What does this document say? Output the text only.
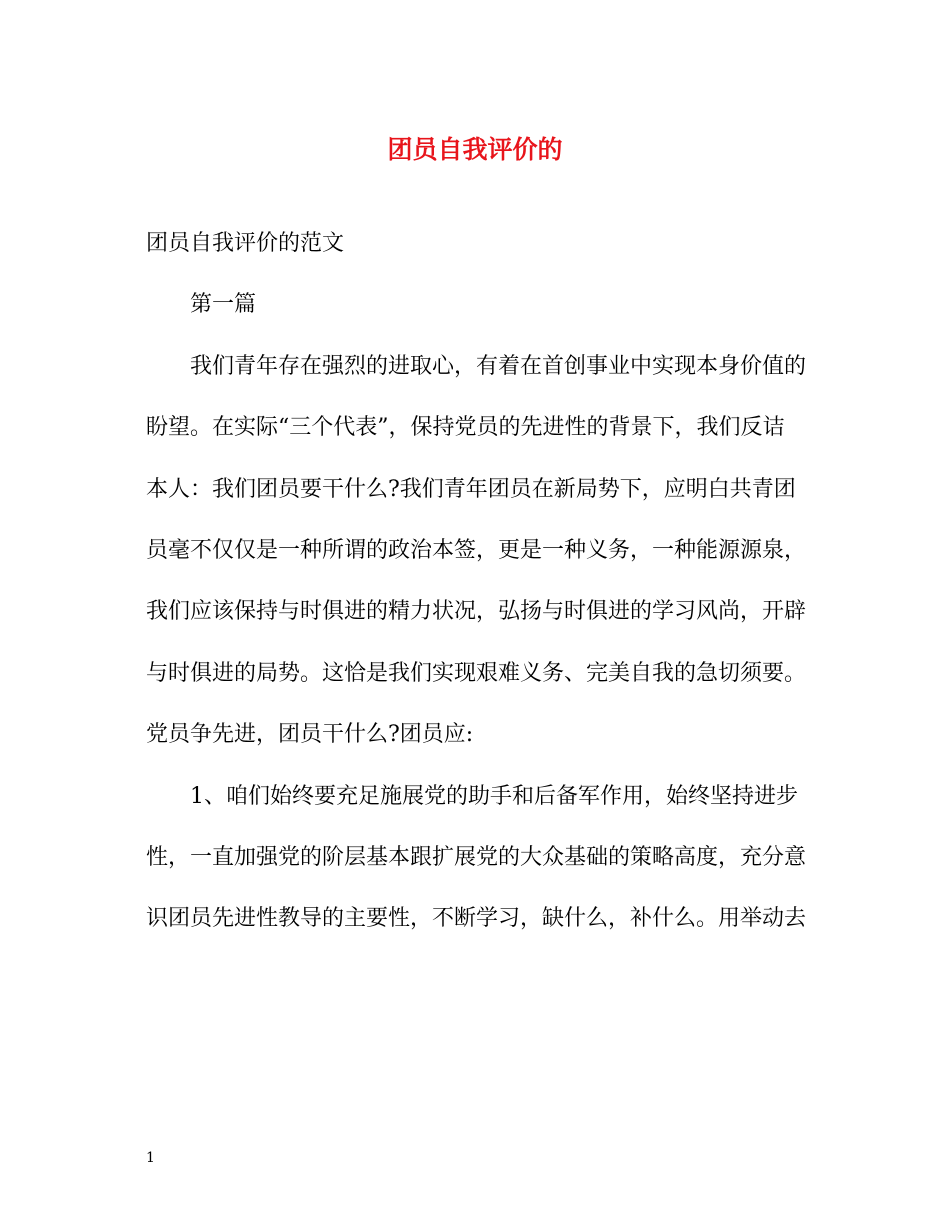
团员自我评价的
团员自我评价的范文
第一篇
我们青年存在强烈的进取心，有着在首创事业中实现本身价值的
盼望。在实际“三个代表”，保持党员的先进性的背景下，我们反诘
本人：我们团员要干什么?我们青年团员在新局势下，应明白共青团
员毫不仅仅是一种所谓的政治本签，更是一种义务，一种能源源泉，
我们应该保持与时俱进的精力状况，弘扬与时俱进的学习风尚，开辟
与时俱进的局势。这恰是我们实现艰难义务、完美自我的急切须要。
党员争先进，团员干什么?团员应:
1、咱们始终要充足施展党的助手和后备军作用，始终坚持进步
性，一直加强党的阶层基本跟扩展党的大众基础的策略高度，充分意
识团员先进性教导的主要性，不断学习，缺什么，补什么。用举动去
1
